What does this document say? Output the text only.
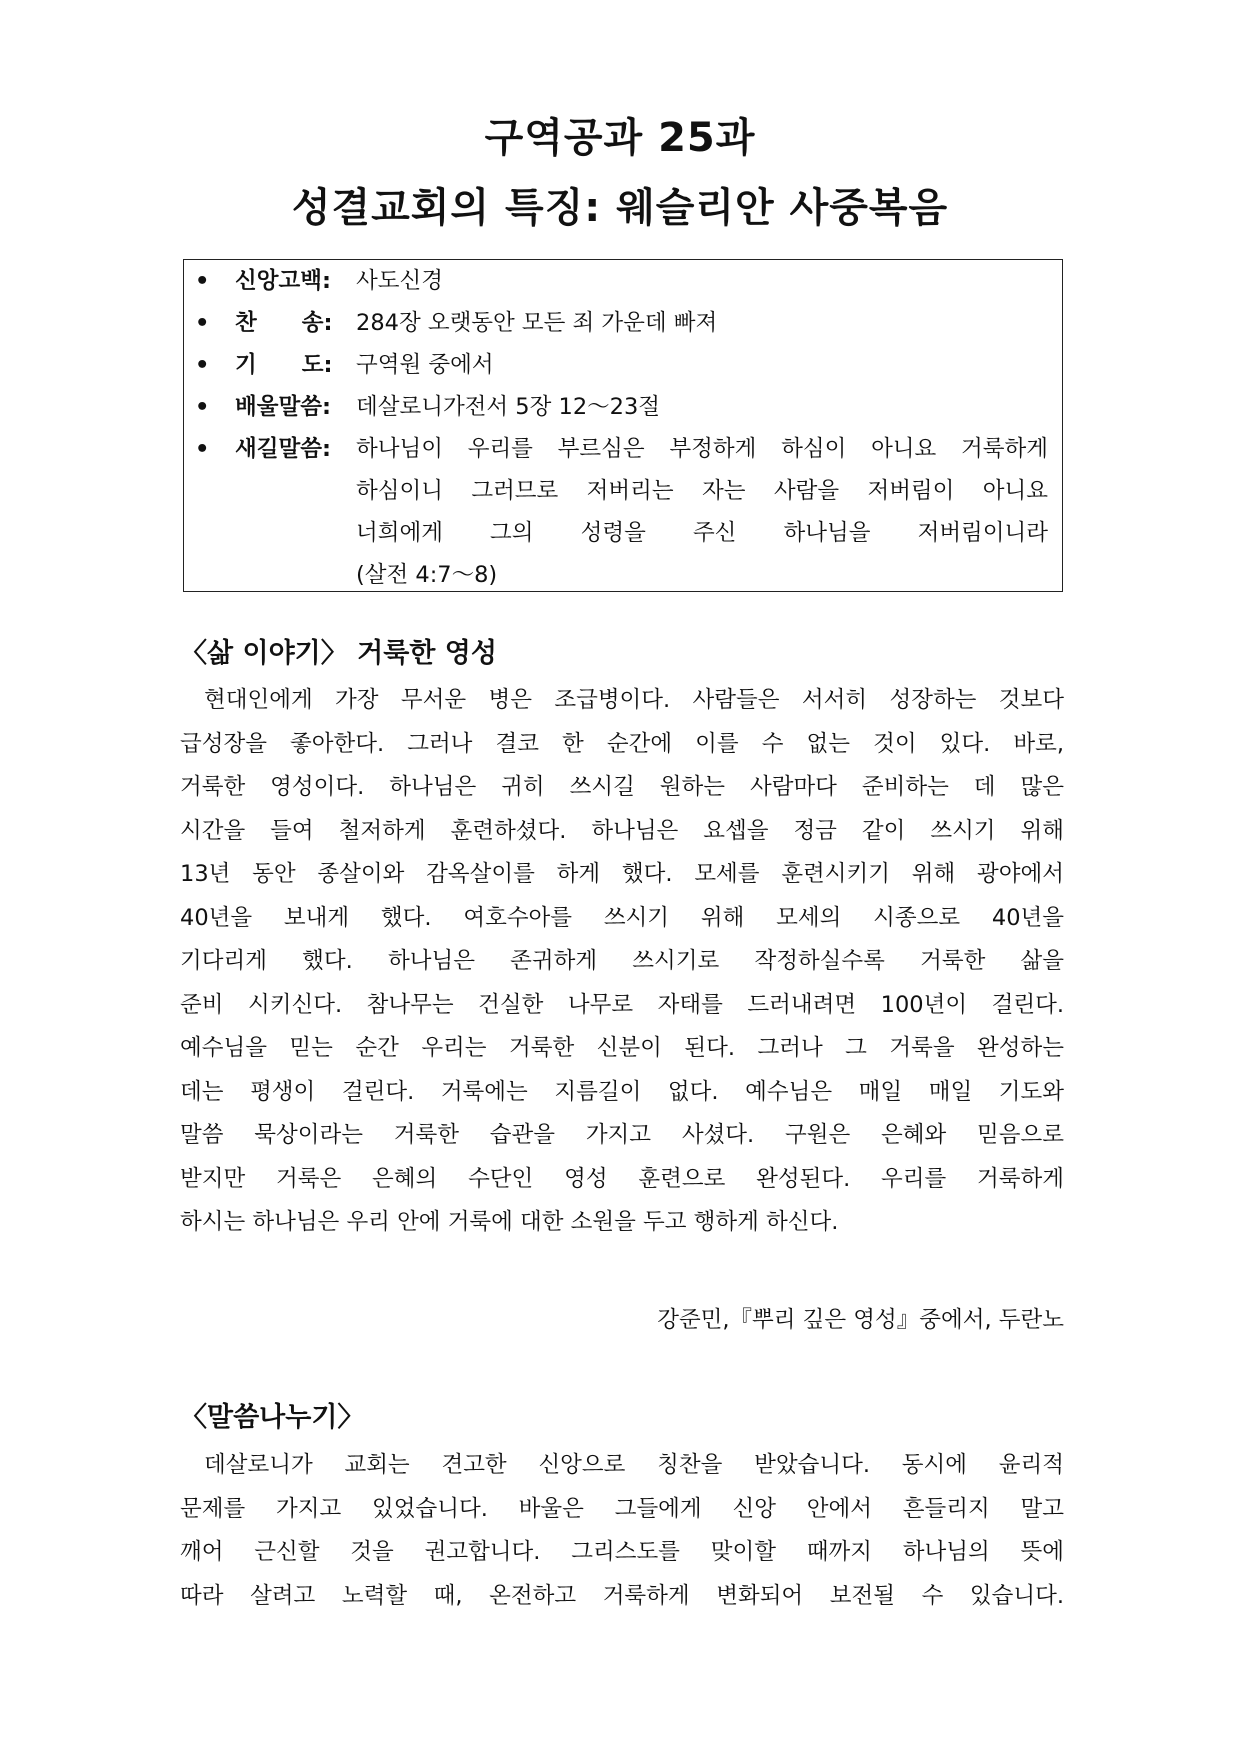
구역공과 25과
성결교회의 특징: 웨슬리안 사중복음
• 신앙고백: 사도신경
• 찬　　송: 284장 오랫동안 모든 죄 가운데 빠져
• 기　　도: 구역원 중에서
• 배울말씀: 데살로니가전서 5장 12～23절
• 새길말씀: 하나님이 우리를 부르심은 부정하게 하심이 아니요 거룩하게
하심이니 그러므로 저버리는 자는 사람을 저버림이 아니요
너희에게 그의 성령을 주신 하나님을 저버림이니라
(살전 4:7～8)
〈삶 이야기〉 거룩한 영성
현대인에게 가장 무서운 병은 조급병이다. 사람들은 서서히 성장하는 것보다
급성장을 좋아한다. 그러나 결코 한 순간에 이를 수 없는 것이 있다. 바로,
거룩한 영성이다. 하나님은 귀히 쓰시길 원하는 사람마다 준비하는 데 많은
시간을 들여 철저하게 훈련하셨다. 하나님은 요셉을 정금 같이 쓰시기 위해
13년 동안 종살이와 감옥살이를 하게 했다. 모세를 훈련시키기 위해 광야에서
40년을 보내게 했다. 여호수아를 쓰시기 위해 모세의 시종으로 40년을
기다리게 했다. 하나님은 존귀하게 쓰시기로 작정하실수록 거룩한 삶을
준비 시키신다. 참나무는 건실한 나무로 자태를 드러내려면 100년이 걸린다.
예수님을 믿는 순간 우리는 거룩한 신분이 된다. 그러나 그 거룩을 완성하는
데는 평생이 걸린다. 거룩에는 지름길이 없다. 예수님은 매일 매일 기도와
말씀 묵상이라는 거룩한 습관을 가지고 사셨다. 구원은 은혜와 믿음으로
받지만 거룩은 은혜의 수단인 영성 훈련으로 완성된다. 우리를 거룩하게
하시는 하나님은 우리 안에 거룩에 대한 소원을 두고 행하게 하신다.
강준민,『뿌리 깊은 영성』중에서, 두란노
〈말씀나누기〉
데살로니가 교회는 견고한 신앙으로 칭찬을 받았습니다. 동시에 윤리적
문제를 가지고 있었습니다. 바울은 그들에게 신앙 안에서 흔들리지 말고
깨어 근신할 것을 권고합니다. 그리스도를 맞이할 때까지 하나님의 뜻에
따라 살려고 노력할 때, 온전하고 거룩하게 변화되어 보전될 수 있습니다.
